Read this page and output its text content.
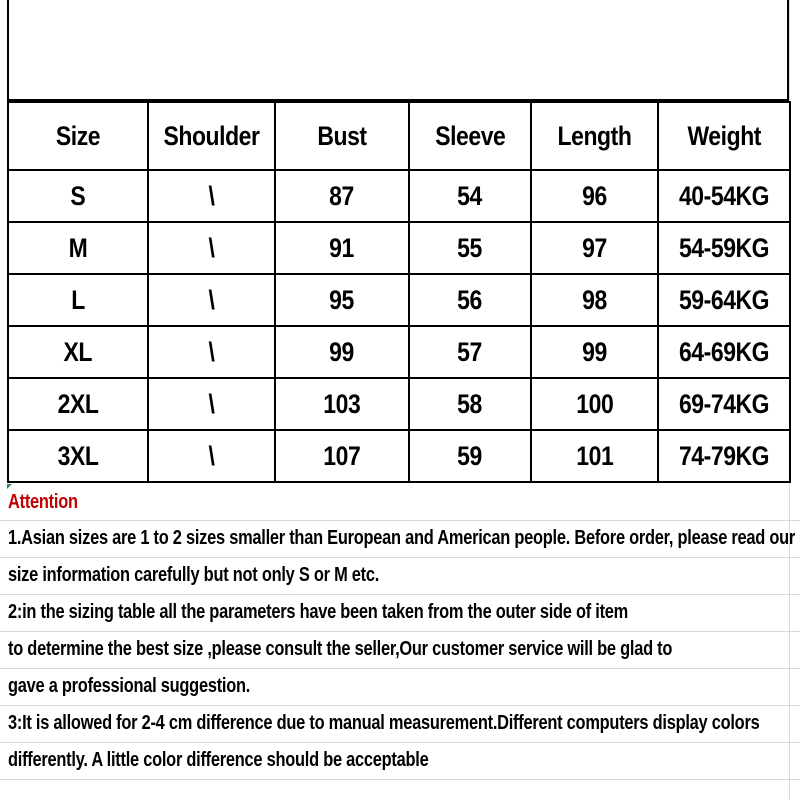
Size	Shoulder	Bust	Sleeve	Length	Weight
S	\	87	54	96	40-54KG
M	\	91	55	97	54-59KG
L	\	95	56	98	59-64KG
XL	\	99	57	99	64-69KG
2XL	\	103	58	100	69-74KG
3XL	\	107	59	101	74-79KG
Attention
1.Asian sizes are 1 to 2 sizes smaller than European and American people. Before order, please read our
size information carefully but not only S or M etc.
2:in the sizing table all the parameters have been taken from the outer side of item
to determine the best size ,please consult the seller,Our customer service will be glad to
gave a professional suggestion.
3:It is allowed for 2-4 cm difference due to manual measurement.Different computers display colors
differently. A little color difference should be acceptable
